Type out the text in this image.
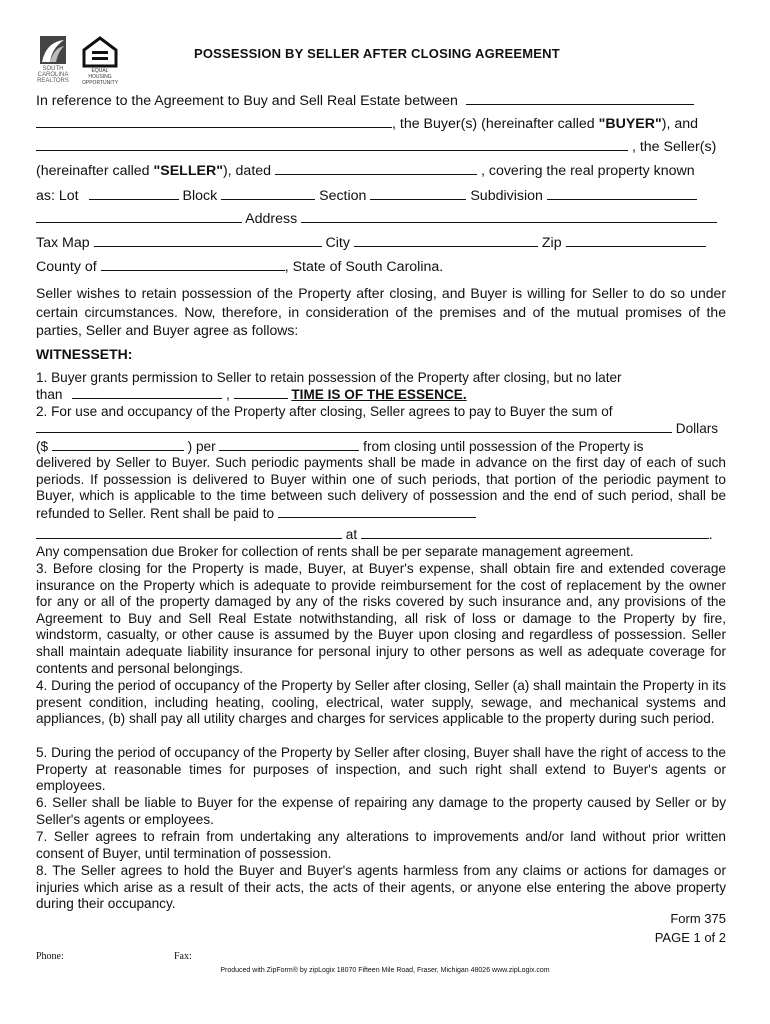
SOUTH CAROLINA REALTORS
EQUAL HOUSING OPPORTUNITY
POSSESSION BY SELLER AFTER CLOSING AGREEMENT
In reference to the Agreement to Buy and Sell Real Estate between
, the Buyer(s) (hereinafter called "BUYER"), and
, the Seller(s)
(hereinafter called "SELLER"), dated	, covering the real property known
as: Lot	Block	Section	Subdivision
Address
Tax Map	City	Zip
County of	, State of South Carolina.
Seller wishes to retain possession of the Property after closing, and Buyer is willing for Seller to do so under certain circumstances. Now, therefore, in consideration of the premises and of the mutual promises of the parties, Seller and Buyer agree as follows:
WITNESSETH:
1. Buyer grants permission to Seller to retain possession of the Property after closing, but no later
than	,	TIME IS OF THE ESSENCE.
2. For use and occupancy of the Property after closing, Seller agrees to pay to Buyer the sum of
Dollars
($	) per	from closing until possession of the Property is
delivered by Seller to Buyer. Such periodic payments shall be made in advance on the first day of each of such periods. If possession is delivered to Buyer within one of such periods, that portion of the periodic payment to Buyer, which is applicable to the time between such delivery of possession and the end of such period, shall be refunded to Seller. Rent shall be paid to
at	.
Any compensation due Broker for collection of rents shall be per separate management agreement.
3. Before closing for the Property is made, Buyer, at Buyer's expense, shall obtain fire and extended coverage insurance on the Property which is adequate to provide reimbursement for the cost of replacement by the owner for any or all of the property damaged by any of the risks covered by such insurance and, any provisions of the Agreement to Buy and Sell Real Estate notwithstanding, all risk of loss or damage to the Property by fire, windstorm, casualty, or other cause is assumed by the Buyer upon closing and regardless of possession. Seller shall maintain adequate liability insurance for personal injury to other persons as well as adequate coverage for contents and personal belongings.
4. During the period of occupancy of the Property by Seller after closing, Seller (a) shall maintain the Property in its present condition, including heating, cooling, electrical, water supply, sewage, and mechanical systems and appliances, (b) shall pay all utility charges and charges for services applicable to the property during such period.
5. During the period of occupancy of the Property by Seller after closing, Buyer shall have the right of access to the Property at reasonable times for purposes of inspection, and such right shall extend to Buyer's agents or employees.
6. Seller shall be liable to Buyer for the expense of repairing any damage to the property caused by Seller or by Seller's agents or employees.
7. Seller agrees to refrain from undertaking any alterations to improvements and/or land without prior written consent of Buyer, until termination of possession.
8. The Seller agrees to hold the Buyer and Buyer's agents harmless from any claims or actions for damages or injuries which arise as a result of their acts, the acts of their agents, or anyone else entering the above property during their occupancy.
Form 375
PAGE 1 of 2
Phone:	Fax:
Produced with ZipForm® by zipLogix 18070 Fifteen Mile Road, Fraser, Michigan 48026 www.zipLogix.com
